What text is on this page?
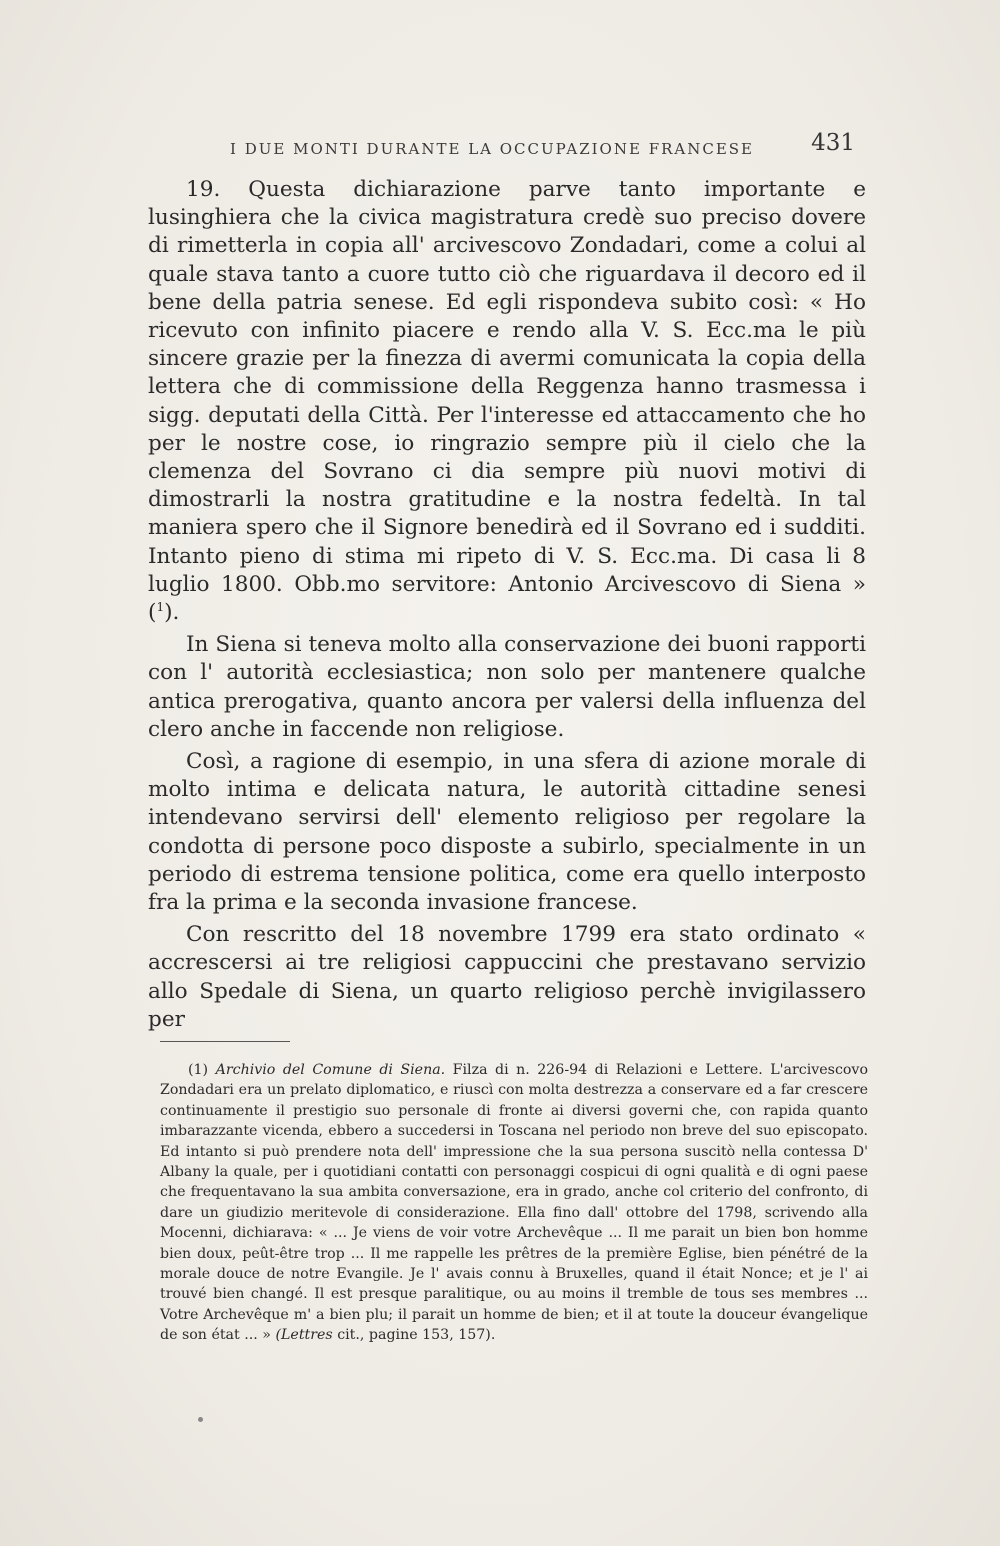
I DUE MONTI DURANTE LA OCCUPAZIONE FRANCESE 431

19. Questa dichiarazione parve tanto importante e lusinghiera che la civica magistratura credè suo preciso dovere di rimetterla in copia all' arcivescovo Zondadari, come a colui al quale stava tanto a cuore tutto ciò che riguardava il decoro ed il bene della patria senese. Ed egli rispondeva subito così: « Ho ricevuto con infinito piacere e rendo alla V. S. Ecc.ma le più sincere grazie per la finezza di avermi comunicata la copia della lettera che di commissione della Reggenza hanno trasmessa i sigg. deputati della Città. Per l'interesse ed attaccamento che ho per le nostre cose, io ringrazio sempre più il cielo che la clemenza del Sovrano ci dia sempre più nuovi motivi di dimostrarli la nostra gratitudine e la nostra fedeltà. In tal maniera spero che il Signore benedirà ed il Sovrano ed i sudditi. Intanto pieno di stima mi ripeto di V. S. Ecc.ma. Di casa li 8 luglio 1800. Obb.mo servitore: Antonio Arcivescovo di Siena » ($^1$).

In Siena si teneva molto alla conservazione dei buoni rapporti con l' autorità ecclesiastica; non solo per mantenere qualche antica prerogativa, quanto ancora per valersi della influenza del clero anche in faccende non religiose.

Così, a ragione di esempio, in una sfera di azione morale di molto intima e delicata natura, le autorità cittadine senesi intendevano servirsi dell' elemento religioso per regolare la condotta di persone poco disposte a subirlo, specialmente in un periodo di estrema tensione politica, come era quello interposto fra la prima e la seconda invasione francese.

Con rescritto del 18 novembre 1799 era stato ordinato « accrescersi ai tre religiosi cappuccini che prestavano servizio allo Spedale di Siena, un quarto religioso perchè invigilassero per

(1) Archivio del Comune di Siena. Filza di n. 226-94 di Relazioni e Lettere. L'arcivescovo Zondadari era un prelato diplomatico, e riuscì con molta destrezza a conservare ed a far crescere continuamente il prestigio suo personale di fronte ai diversi governi che, con rapida quanto imbarazzante vicenda, ebbero a succedersi in Toscana nel periodo non breve del suo episcopato. Ed intanto si può prendere nota dell' impressione che la sua persona suscitò nella contessa D' Albany la quale, per i quotidiani contatti con personaggi cospicui di ogni qualità e di ogni paese che frequentavano la sua ambita conversazione, era in grado, anche col criterio del confronto, di dare un giudizio meritevole di considerazione. Ella fino dall' ottobre del 1798, scrivendo alla Mocenni, dichiarava: « ... Je viens de voir votre Archevêque ... Il me parait un bien bon homme bien doux, peût-être trop ... Il me rappelle les prêtres de la première Eglise, bien pénétré de la morale douce de notre Evangile. Je l' avais connu à Bruxelles, quand il était Nonce; et je l' ai trouvé bien changé. Il est presque paralitique, ou au moins il tremble de tous ses membres ... Votre Archevêque m' a bien plu; il parait un homme de bien; et il at toute la douceur évangelique de son état ... » (Lettres cit., pagine 153, 157).
